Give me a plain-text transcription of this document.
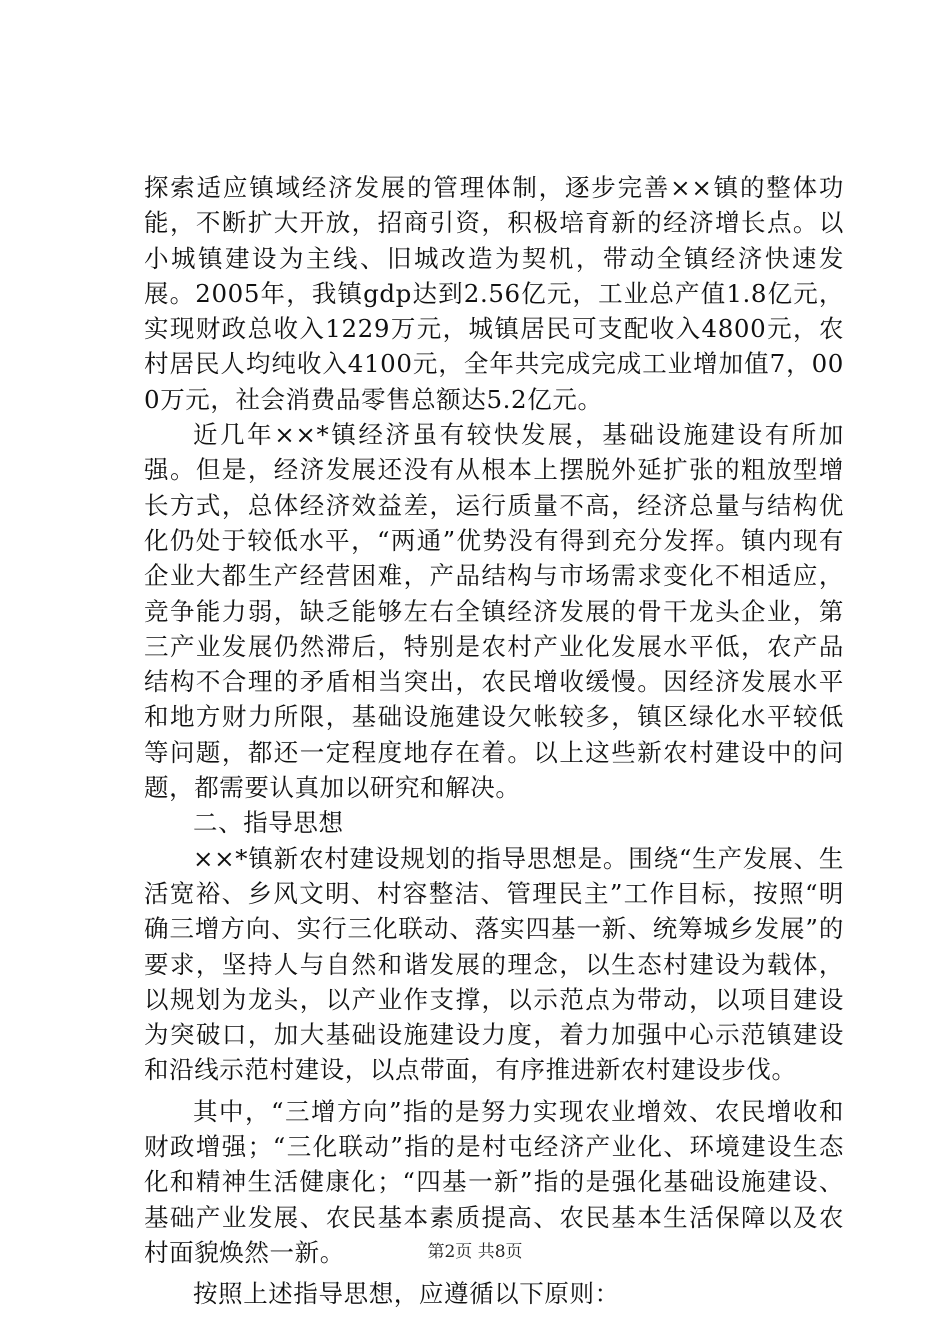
探索适应镇域经济发展的管理体制，逐步完善××镇的整体功能，不断扩大开放，招商引资，积极培育新的经济增长点。以小城镇建设为主线、旧城改造为契机，带动全镇经济快速发展。2005年，我镇gdp达到2.56亿元，工业总产值1.8亿元，实现财政总收入1229万元，城镇居民可支配收入4800元，农村居民人均纯收入4100元，全年共完成完成工业增加值7，000万元，社会消费品零售总额达5.2亿元。

近几年××*镇经济虽有较快发展，基础设施建设有所加强。但是，经济发展还没有从根本上摆脱外延扩张的粗放型增长方式，总体经济效益差，运行质量不高，经济总量与结构优化仍处于较低水平，“两通”优势没有得到充分发挥。镇内现有企业大都生产经营困难，产品结构与市场需求变化不相适应，竞争能力弱，缺乏能够左右全镇经济发展的骨干龙头企业，第三产业发展仍然滞后，特别是农村产业化发展水平低，农产品结构不合理的矛盾相当突出，农民增收缓慢。因经济发展水平和地方财力所限，基础设施建设欠帐较多，镇区绿化水平较低等问题，都还一定程度地存在着。以上这些新农村建设中的问题，都需要认真加以研究和解决。

二、指导思想

××*镇新农村建设规划的指导思想是。围绕“生产发展、生活宽裕、乡风文明、村容整洁、管理民主”工作目标，按照“明确三增方向、实行三化联动、落实四基一新、统筹城乡发展”的要求，坚持人与自然和谐发展的理念，以生态村建设为载体，以规划为龙头，以产业作支撑，以示范点为带动，以项目建设为突破口，加大基础设施建设力度，着力加强中心示范镇建设和沿线示范村建设，以点带面，有序推进新农村建设步伐。

其中，“三增方向”指的是努力实现农业增效、农民增收和财政增强；“三化联动”指的是村屯经济产业化、环境建设生态化和精神生活健康化；“四基一新”指的是强化基础设施建设、基础产业发展、农民基本素质提高、农民基本生活保障以及农村面貌焕然一新。

按照上述指导思想，应遵循以下原则：

第2页 共8页
